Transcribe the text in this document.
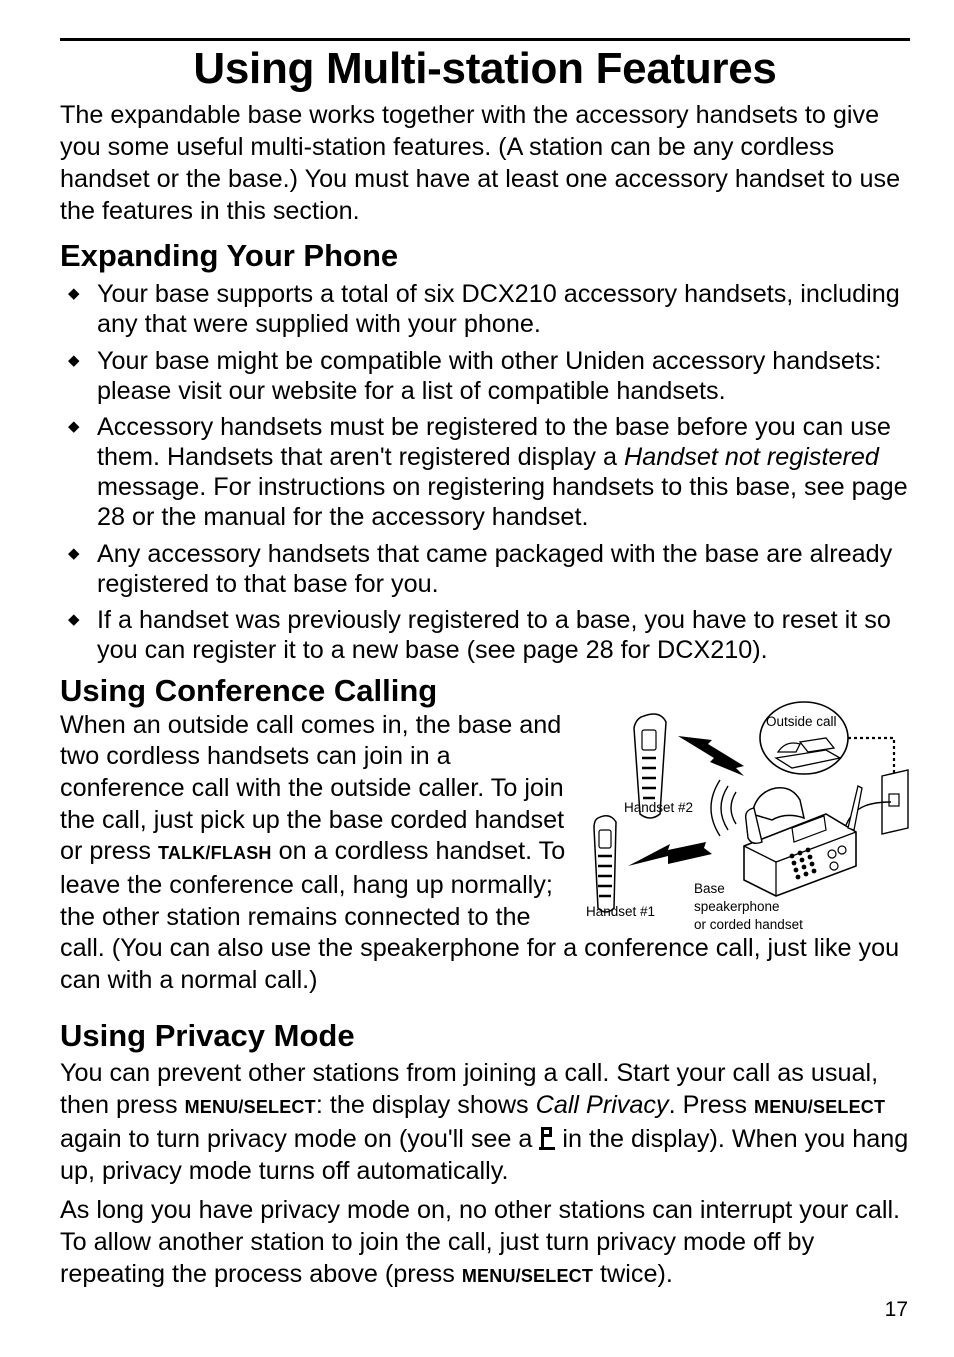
Using Multi-station Features

The expandable base works together with the accessory handsets to give you some useful multi-station features. (A station can be any cordless handset or the base.) You must have at least one accessory handset to use the features in this section.

Expanding Your Phone
◆ Your base supports a total of six DCX210 accessory handsets, including any that were supplied with your phone.
◆ Your base might be compatible with other Uniden accessory handsets: please visit our website for a list of compatible handsets.
◆ Accessory handsets must be registered to the base before you can use them. Handsets that aren't registered display a Handset not registered message. For instructions on registering handsets to this base, see page 28 or the manual for the accessory handset.
◆ Any accessory handsets that came packaged with the base are already registered to that base for you.
◆ If a handset was previously registered to a base, you have to reset it so you can register it to a new base (see page 28 for DCX210).
Using Conference Calling
Outside call
Handset #2
Handset #1
Base
speakerphone
or corded handset

When an outside call comes in, the base and two cordless handsets can join in a conference call with the outside caller. To join the call, just pick up the base corded handset or press TALK/FLASH on a cordless handset. To leave the conference call, hang up normally; the other station remains connected to the call. (You can also use the speakerphone for a conference call, just like you can with a normal call.)

Using Privacy Mode

You can prevent other stations from joining a call. Start your call as usual, then press MENU/SELECT: the display shows Call Privacy. Press MENU/SELECT again to turn privacy mode on (you'll see a  in the display). When you hang up, privacy mode turns off automatically.

As long you have privacy mode on, no other stations can interrupt your call. To allow another station to join the call, just turn privacy mode off by repeating the process above (press MENU/SELECT twice).

17
